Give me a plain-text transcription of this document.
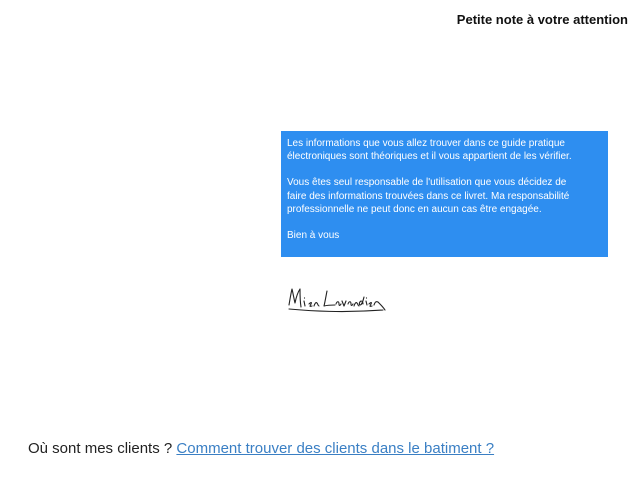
Petite note à votre attention

Les informations que vous allez trouver dans ce guide pratique
électroniques sont théoriques et il vous appartient de les vérifier.

Vous êtes seul responsable de l'utilisation que vous décidez de
faire des informations trouvées dans ce livret. Ma responsabilité
professionnelle ne peut donc en aucun cas être engagée.

Bien à vous

Où sont mes clients ? Comment trouver des clients dans le batiment ?
